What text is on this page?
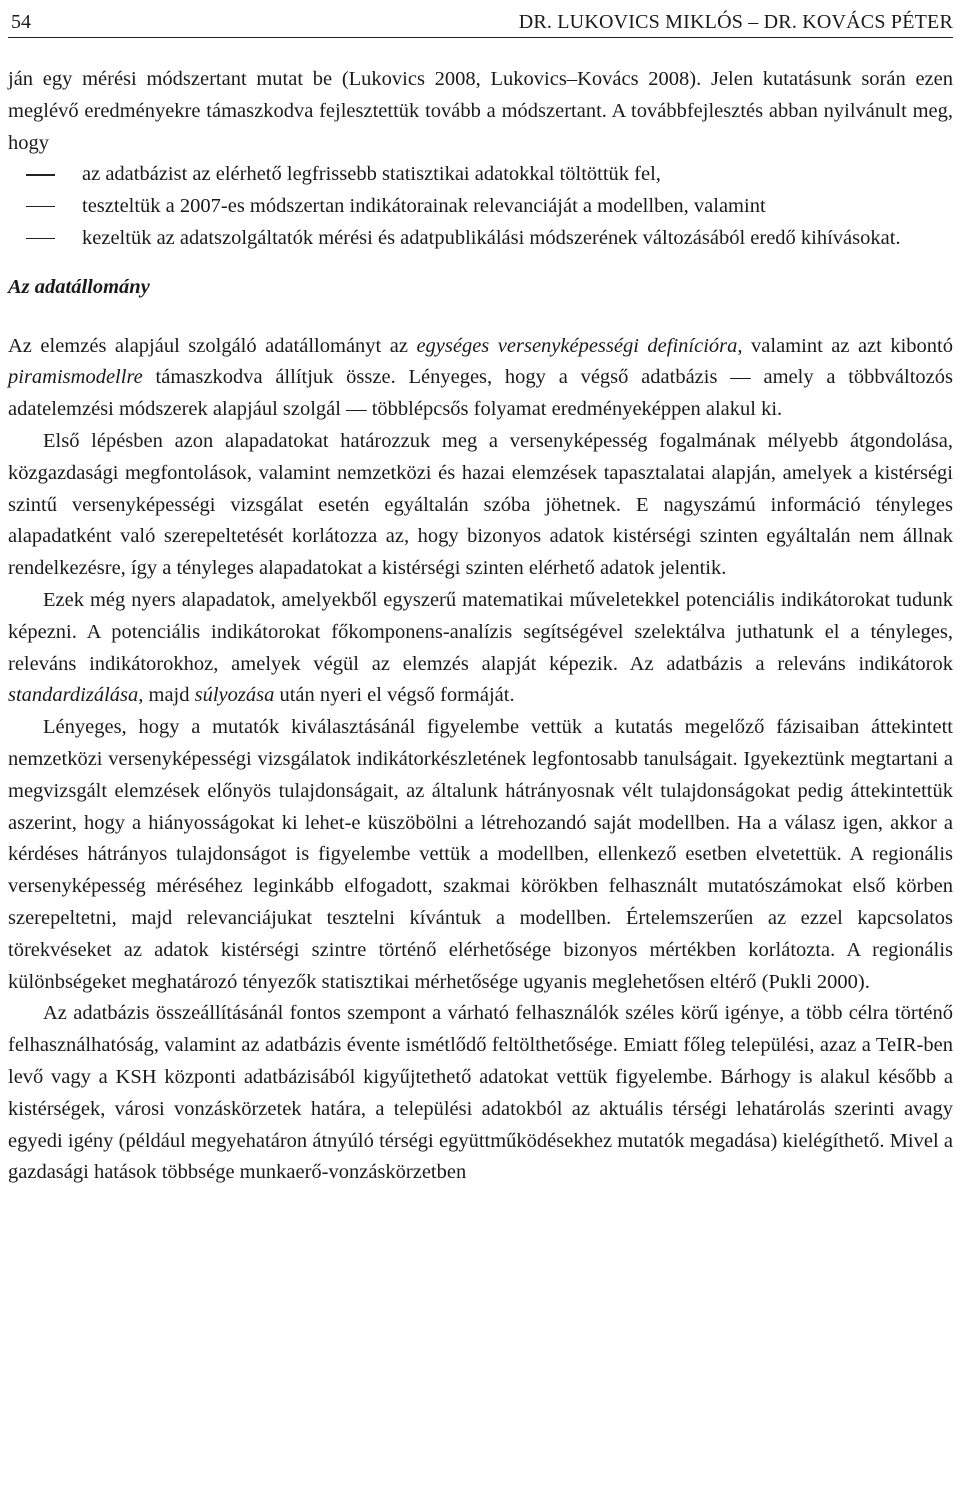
54	DR. LUKOVICS MIKLÓS – DR. KOVÁCS PÉTER

ján egy mérési módszertant mutat be (Lukovics 2008, Lukovics–Kovács 2008). Jelen kutatásunk során ezen meglévő eredményekre támaszkodva fejlesztettük tovább a módszertant. A továbbfejlesztés abban nyilvánult meg, hogy

az adatbázist az elérhető legfrissebb statisztikai adatokkal töltöttük fel,
teszteltük a 2007-es módszertan indikátorainak relevanciáját a modellben, valamint
kezeltük az adatszolgáltatók mérési és adatpublikálási módszerének változásából eredő kihívásokat.
Az adatállomány

Az elemzés alapjául szolgáló adatállományt az egységes versenyképességi definícióra, valamint az azt kibontó piramismodellre támaszkodva állítjuk össze. Lényeges, hogy a végső adatbázis ― amely a többváltozós adatelemzési módszerek alapjául szolgál ― többlépcsős folyamat eredményeképpen alakul ki.

Első lépésben azon alapadatokat határozzuk meg a versenyképesség fogalmának mélyebb átgondolása, közgazdasági megfontolások, valamint nemzetközi és hazai elemzések tapasztalatai alapján, amelyek a kistérségi szintű versenyképességi vizsgálat esetén egyáltalán szóba jöhetnek. E nagyszámú információ tényleges alapadatként való szerepeltetését korlátozza az, hogy bizonyos adatok kistérségi szinten egyáltalán nem állnak rendelkezésre, így a tényleges alapadatokat a kistérségi szinten elérhető adatok jelentik.

Ezek még nyers alapadatok, amelyekből egyszerű matematikai műveletekkel potenciális indikátorokat tudunk képezni. A potenciális indikátorokat főkomponens-analízis segítségével szelektálva juthatunk el a tényleges, releváns indikátorokhoz, amelyek végül az elemzés alapját képezik. Az adatbázis a releváns indikátorok standardizálása, majd súlyozása után nyeri el végső formáját.

Lényeges, hogy a mutatók kiválasztásánál figyelembe vettük a kutatás megelőző fázisaiban áttekintett nemzetközi versenyképességi vizsgálatok indikátorkészletének legfontosabb tanulságait. Igyekeztünk megtartani a megvizsgált elemzések előnyös tulajdonságait, az általunk hátrányosnak vélt tulajdonságokat pedig áttekintettük aszerint, hogy a hiányosságokat ki lehet-e küszöbölni a létrehozandó saját modellben. Ha a válasz igen, akkor a kérdéses hátrányos tulajdonságot is figyelembe vettük a modellben, ellenkező esetben elvetettük. A regionális versenyképesség méréséhez leginkább elfogadott, szakmai körökben felhasznált mutatószámokat első körben szerepeltetni, majd relevanciájukat tesztelni kívántuk a modellben. Értelemszerűen az ezzel kapcsolatos törekvéseket az adatok kistérségi szintre történő elérhetősége bizonyos mértékben korlátozta. A regionális különbségeket meghatározó tényezők statisztikai mérhetősége ugyanis meglehetősen eltérő (Pukli 2000).

Az adatbázis összeállításánál fontos szempont a várható felhasználók széles körű igénye, a több célra történő felhasználhatóság, valamint az adatbázis évente ismétlődő feltölthetősége. Emiatt főleg települési, azaz a TeIR-ben levő vagy a KSH központi adatbázisából kigyűjtethető adatokat vettük figyelembe. Bárhogy is alakul később a kistérségek, városi vonzáskörzetek határa, a települési adatokból az aktuális térségi lehatárolás szerinti avagy egyedi igény (például megyehatáron átnyúló térségi együttműködésekhez mutatók megadása) kielégíthető. Mivel a gazdasági hatások többsége munkaerő-vonzáskörzetben
